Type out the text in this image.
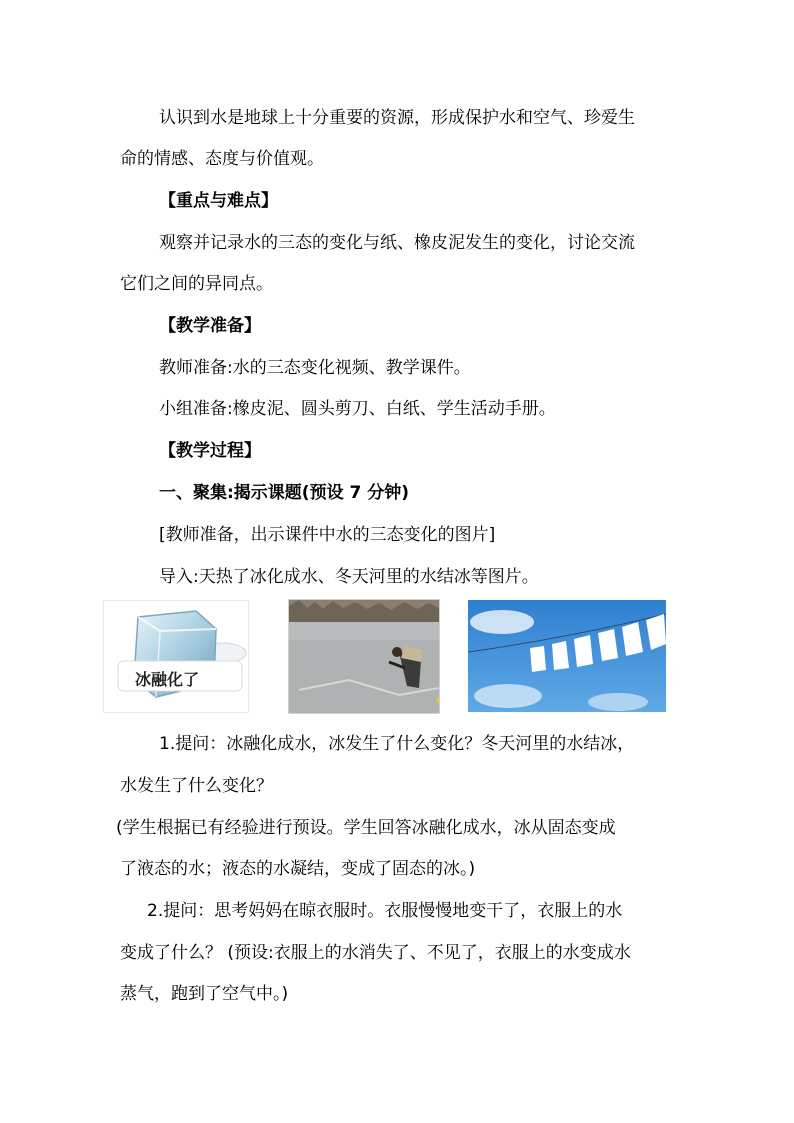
认识到水是地球上十分重要的资源，形成保护水和空气、珍爱生
命的情感、态度与价值观。
【重点与难点】
观察并记录水的三态的变化与纸、橡皮泥发生的变化，讨论交流
它们之间的异同点。
【教学准备】
教师准备:水的三态变化视频、教学课件。
小组准备:橡皮泥、圆头剪刀、白纸、学生活动手册。
【教学过程】
一、聚集:揭示课题(预设 7 分钟)
[教师准备，出示课件中水的三态变化的图片]
导入:天热了冰化成水、冬天河里的水结冰等图片。
冰融化了
1.提问：冰融化成水，冰发生了什么变化？冬天河里的水结冰，
水发生了什么变化？
(学生根据已有经验进行预设。学生回答冰融化成水，冰从固态变成
了液态的水；液态的水凝结，变成了固态的冰。)
2.提问：思考妈妈在晾衣服时。衣服慢慢地变干了，衣服上的水
变成了什么？ (预设:衣服上的水消失了、不见了，衣服上的水变成水
蒸气，跑到了空气中。)
